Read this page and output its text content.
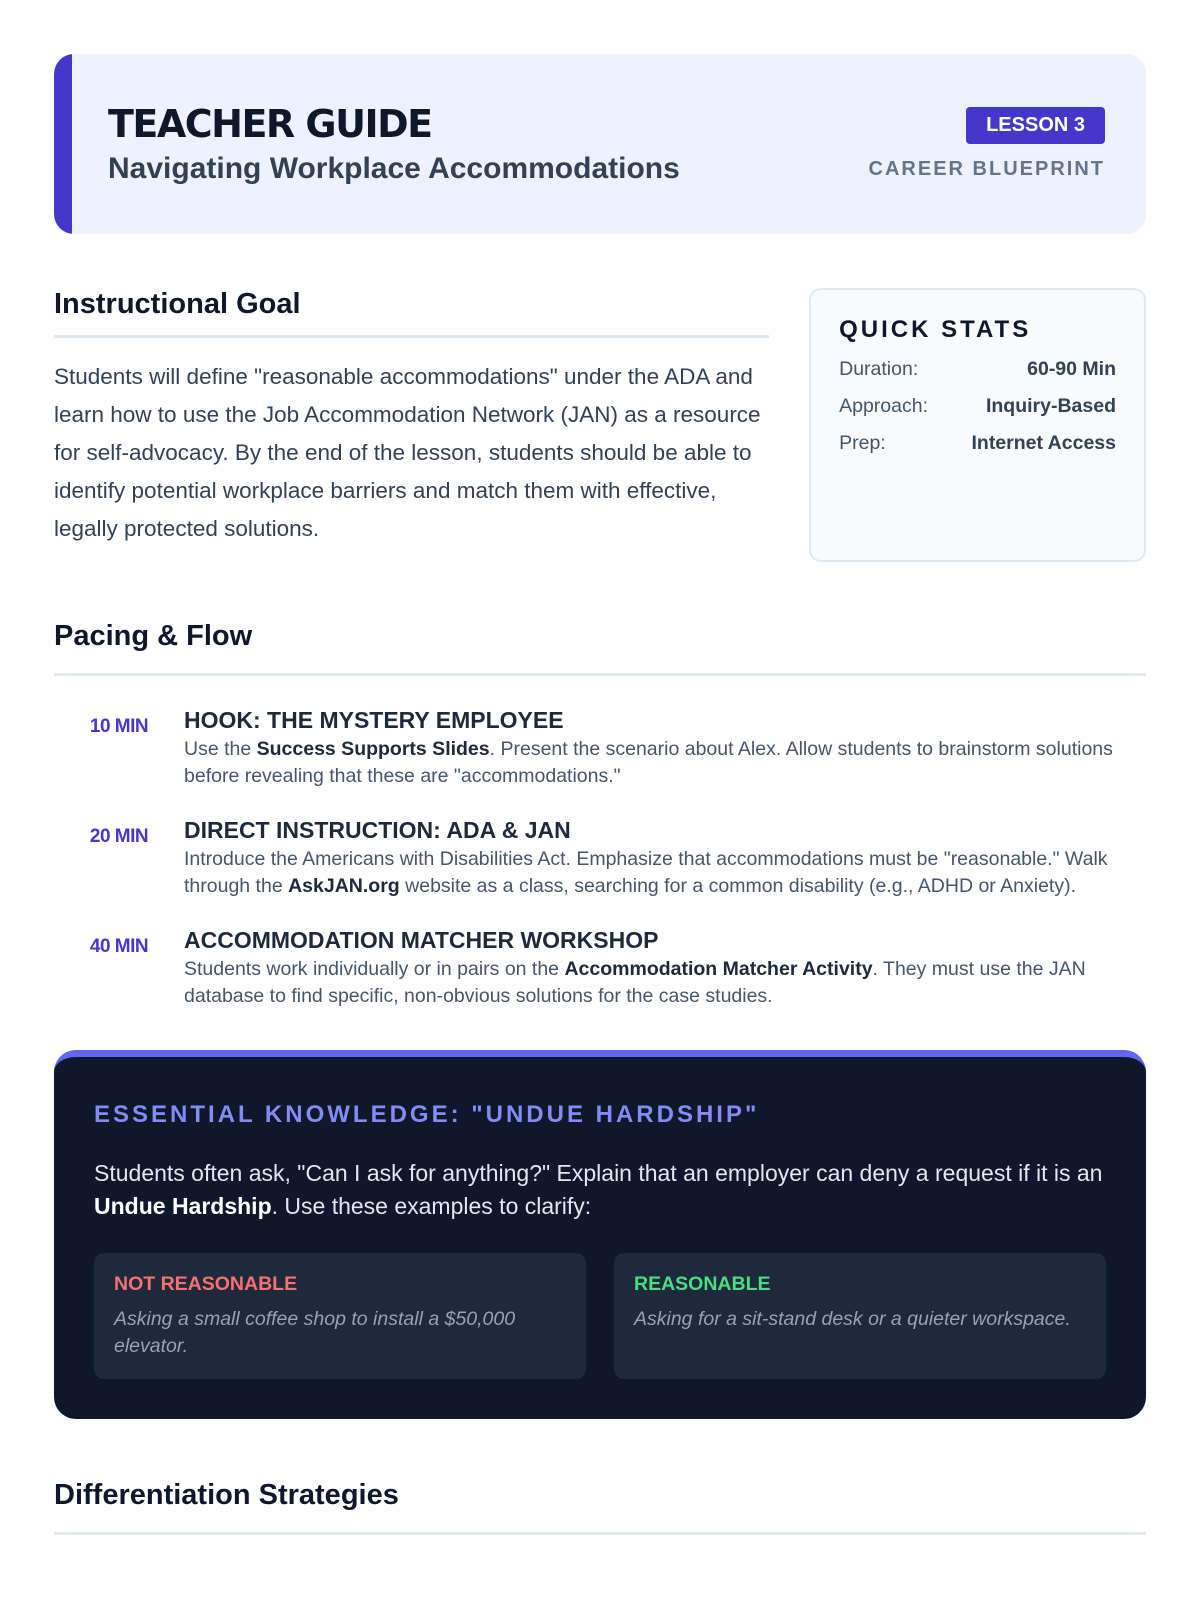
TEACHER GUIDE
Navigating Workplace Accommodations
LESSON 3
CAREER BLUEPRINT
Instructional Goal

Students will define "reasonable accommodations" under the ADA and learn how to use the Job Accommodation Network (JAN) as a resource for self-advocacy. By the end of the lesson, students should be able to identify potential workplace barriers and match them with effective, legally protected solutions.

QUICK STATS
Duration:	60-90 Min
Approach:	Inquiry-Based
Prep:	Internet Access
Pacing & Flow
10 MIN	HOOK: THE MYSTERY EMPLOYEE
Use the Success Supports Slides. Present the scenario about Alex. Allow students to brainstorm solutions before revealing that these are "accommodations."
20 MIN	DIRECT INSTRUCTION: ADA & JAN
Introduce the Americans with Disabilities Act. Emphasize that accommodations must be "reasonable." Walk through the AskJAN.org website as a class, searching for a common disability (e.g., ADHD or Anxiety).
40 MIN	ACCOMMODATION MATCHER WORKSHOP
Students work individually or in pairs on the Accommodation Matcher Activity. They must use the JAN database to find specific, non-obvious solutions for the case studies.
ESSENTIAL KNOWLEDGE: "UNDUE HARDSHIP"

Students often ask, "Can I ask for anything?" Explain that an employer can deny a request if it is an Undue Hardship. Use these examples to clarify:

NOT REASONABLE
Asking a small coffee shop to install a $50,000 elevator.
REASONABLE
Asking for a sit-stand desk or a quieter workspace.
Differentiation Strategies
